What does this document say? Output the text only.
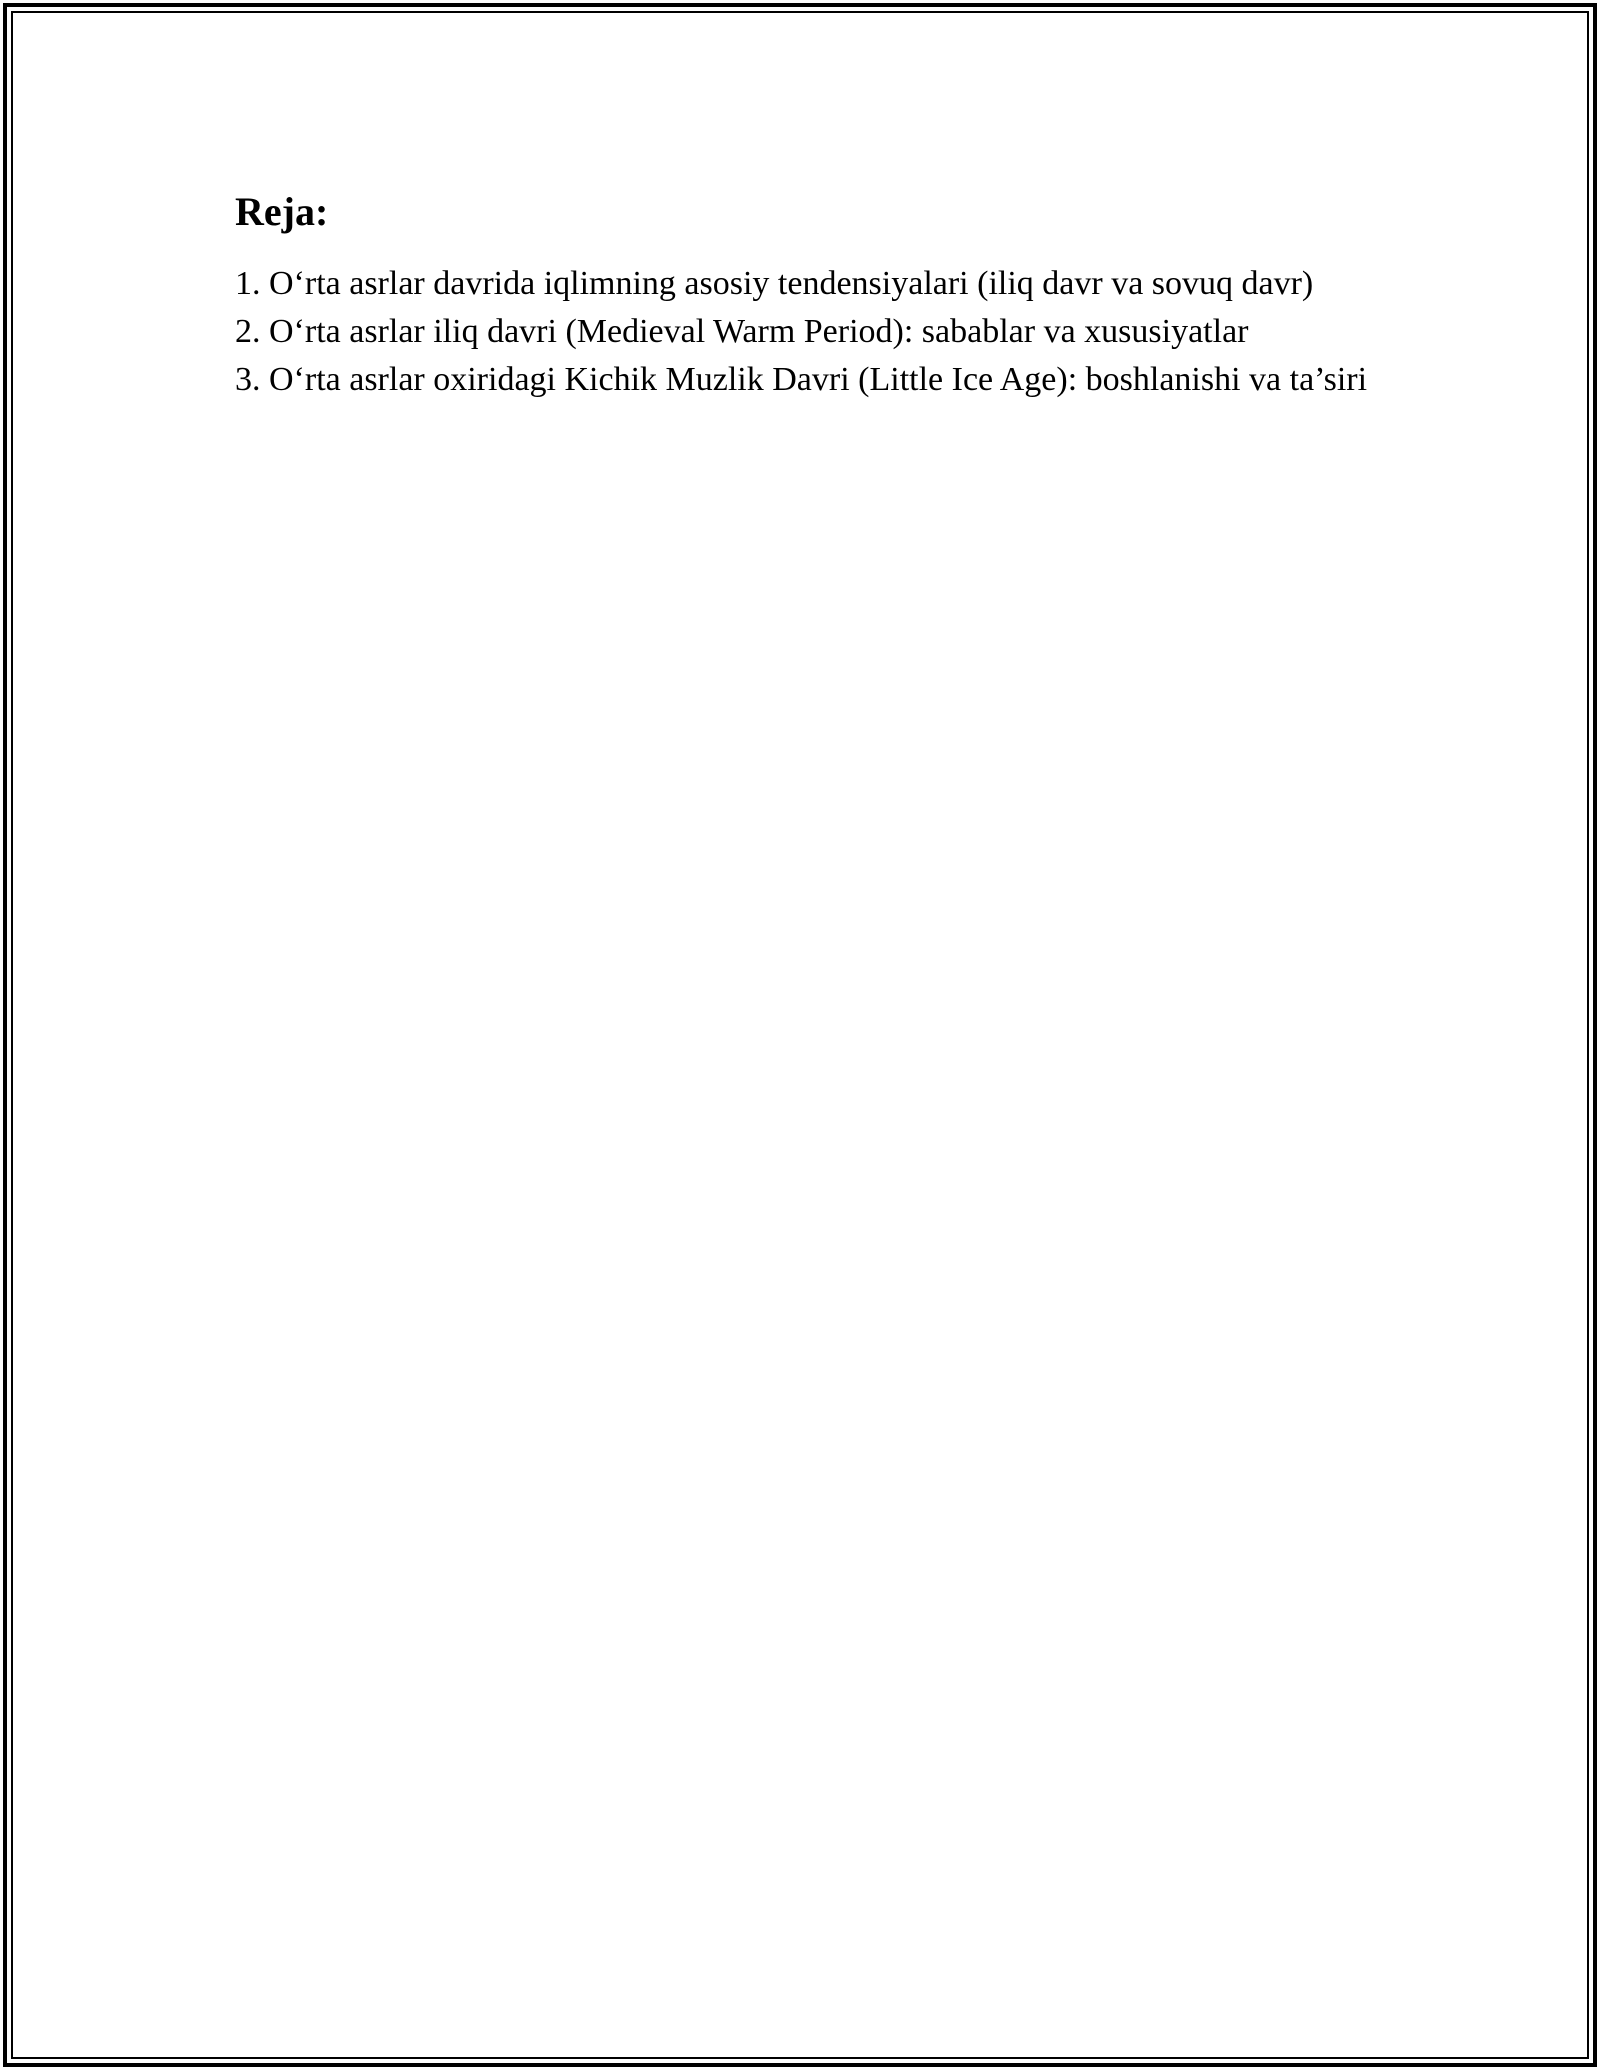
Reja:
1. O‘rta asrlar davrida iqlimning asosiy tendensiyalari (iliq davr va sovuq davr)
2. O‘rta asrlar iliq davri (Medieval Warm Period): sabablar va xususiyatlar
3. O‘rta asrlar oxiridagi Kichik Muzlik Davri (Little Ice Age): boshlanishi va ta’siri
